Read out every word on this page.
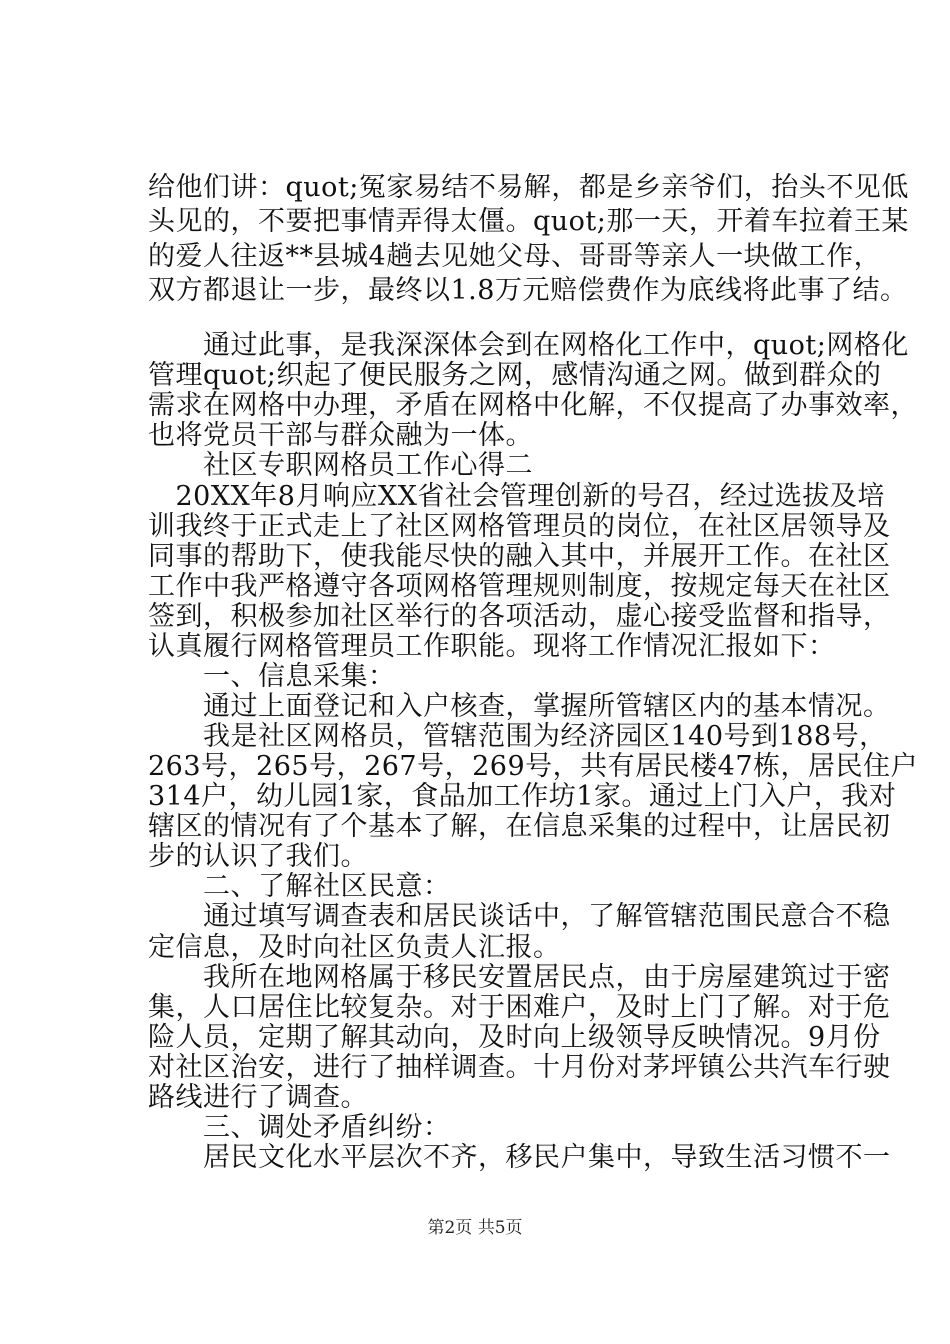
给他们讲：quot;冤家易结不易解，都是乡亲爷们，抬头不见低
头见的，不要把事情弄得太僵。quot;那一天，开着车拉着王某
的爱人往返**县城4趟去见她父母、哥哥等亲人一块做工作，
双方都退让一步，最终以1.8万元赔偿费作为底线将此事了结。
　　通过此事，是我深深体会到在网格化工作中，quot;网格化
管理quot;织起了便民服务之网，感情沟通之网。做到群众的
需求在网格中办理，矛盾在网格中化解，不仅提高了办事效率，
也将党员干部与群众融为一体。
　　社区专职网格员工作心得二
　20XX年8月响应XX省社会管理创新的号召，经过选拔及培
训我终于正式走上了社区网格管理员的岗位，在社区居领导及
同事的帮助下，使我能尽快的融入其中，并展开工作。在社区
工作中我严格遵守各项网格管理规则制度，按规定每天在社区
签到，积极参加社区举行的各项活动，虚心接受监督和指导，
认真履行网格管理员工作职能。现将工作情况汇报如下：
　　一、信息采集：
　　通过上面登记和入户核查，掌握所管辖区内的基本情况。
　　我是社区网格员，管辖范围为经济园区140号到188号，
263号，265号，267号，269号，共有居民楼47栋，居民住户
314户，幼儿园1家，食品加工作坊1家。通过上门入户，我对
辖区的情况有了个基本了解，在信息采集的过程中，让居民初
步的认识了我们。
　　二、了解社区民意：
　　通过填写调查表和居民谈话中，了解管辖范围民意合不稳
定信息，及时向社区负责人汇报。
　　我所在地网格属于移民安置居民点，由于房屋建筑过于密
集，人口居住比较复杂。对于困难户，及时上门了解。对于危
险人员，定期了解其动向，及时向上级领导反映情况。9月份
对社区治安，进行了抽样调查。十月份对茅坪镇公共汽车行驶
路线进行了调查。
　　三、调处矛盾纠纷：
　　居民文化水平层次不齐，移民户集中，导致生活习惯不一
第2页 共5页
